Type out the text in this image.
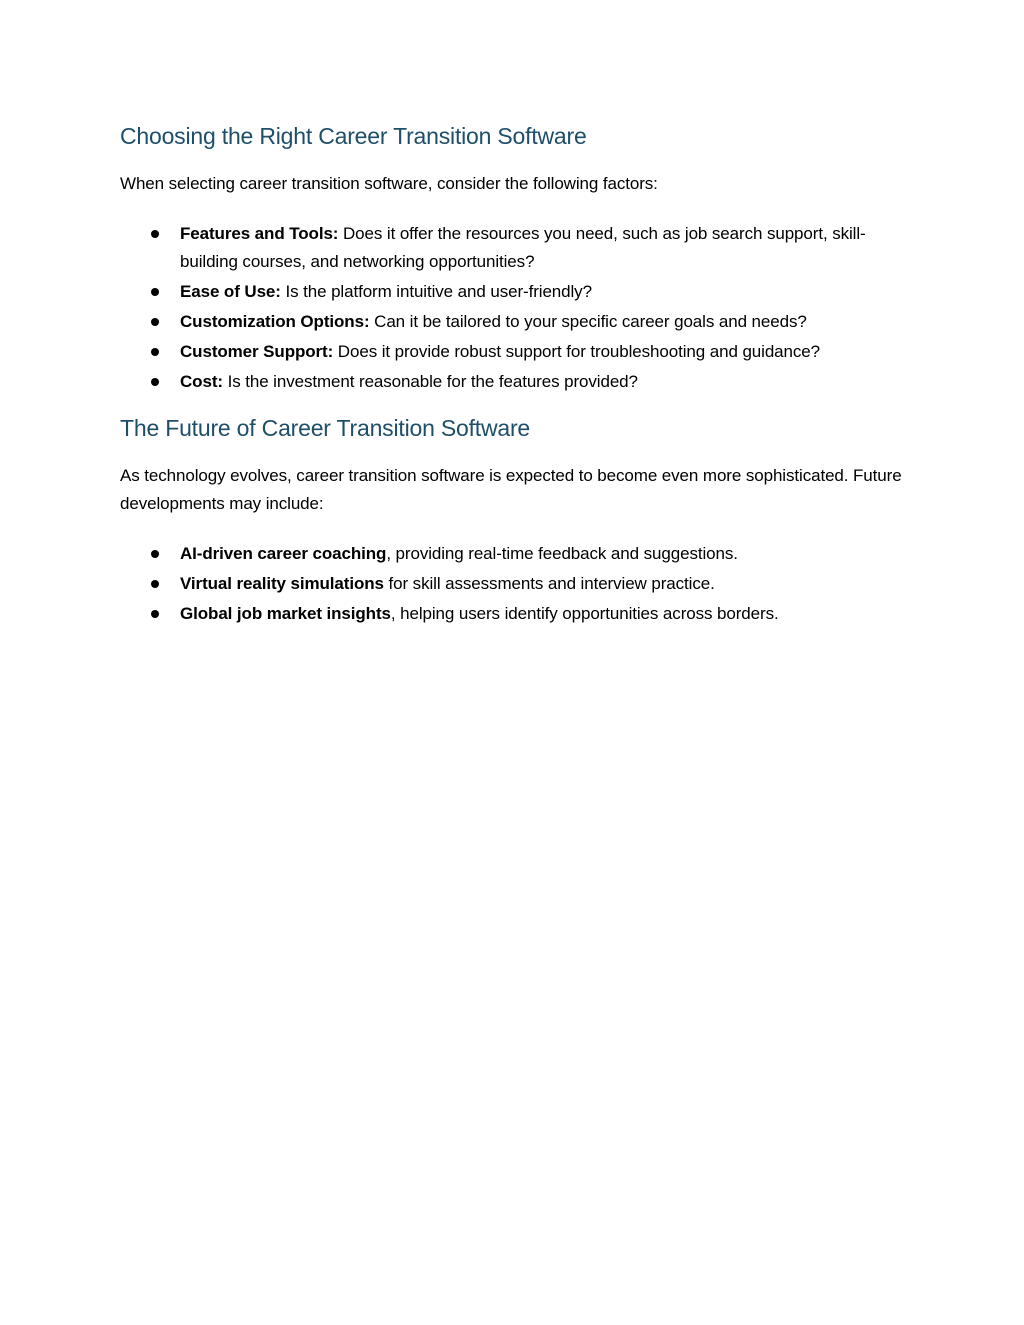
Choosing the Right Career Transition Software

When selecting career transition software, consider the following factors:

Features and Tools: Does it offer the resources you need, such as job search support, skill-building courses, and networking opportunities?
Ease of Use: Is the platform intuitive and user-friendly?
Customization Options: Can it be tailored to your specific career goals and needs?
Customer Support: Does it provide robust support for troubleshooting and guidance?
Cost: Is the investment reasonable for the features provided?
The Future of Career Transition Software

As technology evolves, career transition software is expected to become even more sophisticated. Future developments may include:

AI-driven career coaching, providing real-time feedback and suggestions.
Virtual reality simulations for skill assessments and interview practice.
Global job market insights, helping users identify opportunities across borders.
